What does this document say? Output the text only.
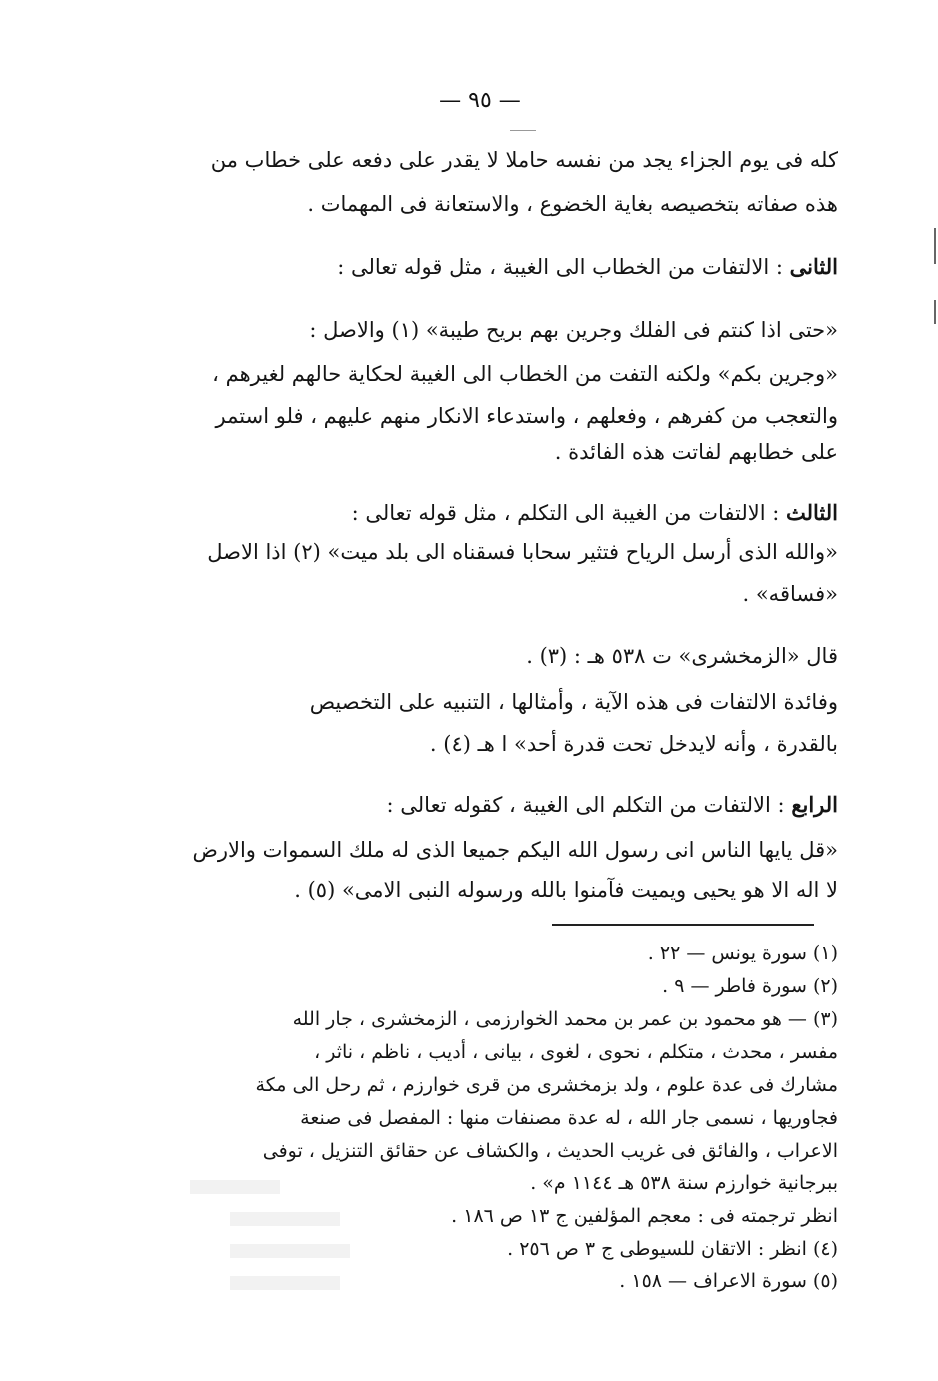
— ٩٥ —
كله فى يوم الجزاء يجد من نفسه حاملا لا يقدر على دفعه على خطاب من
هذه صفاته بتخصيصه بغاية الخضوع ، والاستعانة فى المهمات .
الثانى : الالتفات من الخطاب الى الغيبة ، مثل قوله تعالى :
«حتى اذا كنتم فى الفلك وجرين بهم بريح طيبة» (١) والاصل :
«وجرين بكم» ولكنه التفت من الخطاب الى الغيبة لحكاية حالهم لغيرهم ،
والتعجب من كفرهم ، وفعلهم ، واستدعاء الانكار منهم عليهم ، فلو استمر
على خطابهم لفاتت هذه الفائدة .
الثالث : الالتفات من الغيبة الى التكلم ، مثل قوله تعالى :
«والله الذى أرسل الرياح فتثير سحابا فسقناه الى بلد ميت» (٢) اذا الاصل
«فساقه» .
قال «الزمخشرى» ت ٥٣٨ هـ : (٣) .
وفائدة الالتفات فى هذه الآية ، وأمثالها ، التنبيه على التخصيص
بالقدرة ، وأنه لايدخل تحت قدرة أحد» ا هـ (٤) .
الرابع : الالتفات من التكلم الى الغيبة ، كقوله تعالى :
«قل يايها الناس انى رسول الله اليكم جميعا الذى له ملك السموات والارض
لا اله الا هو يحيى ويميت فآمنوا بالله ورسوله النبى الامى» (٥) .
(١) سورة يونس — ٢٢ .
(٢) سورة فاطر — ٩ .
(٣) — هو محمود بن عمر بن محمد الخوارزمى ، الزمخشرى ، جار الله
مفسر ، محدث ، متكلم ، نحوى ، لغوى ، بيانى ، أديب ، ناظم ، ناثر ،
مشارك فى عدة علوم ، ولد بزمخشرى من قرى خوارزم ، ثم رحل الى مكة
فجاوريها ، نسمى جار الله ، له عدة مصنفات منها : المفصل فى صنعة
الاعراب ، والفائق فى غريب الحديث ، والكشاف عن حقائق التنزيل ، توفى
ببرجانية خوارزم سنة ٥٣٨ هـ ١١٤٤ م» .
انظر ترجمته فى : معجم المؤلفين ج ١٣ ص ١٨٦ .
(٤) انظر : الاتقان للسيوطى ج ٣ ص ٢٥٦ .
(٥) سورة الاعراف — ١٥٨ .
